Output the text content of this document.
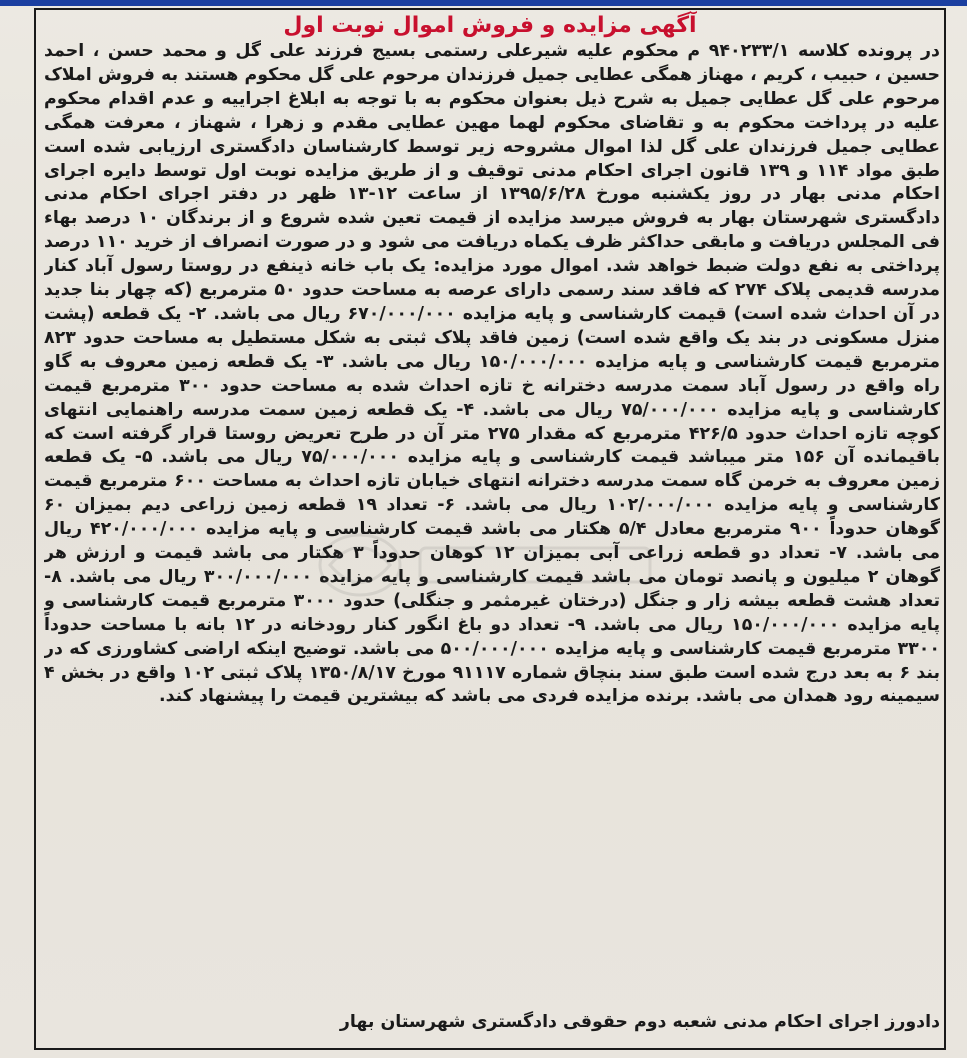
آگهی مزایده و فروش اموال نوبت اول
در پرونده کلاسه ۹۴۰۲۳۳/۱ م محکوم علیه شیرعلی رستمی بسیج فرزند علی گل و محمد حسن ، احمد حسین ، حبیب ، کریم ، مهناز همگی عطایی جمیل فرزندان مرحوم علی گل محکوم هستند به فروش املاک مرحوم علی گل عطایی جمیل به شرح ذیل بعنوان محکوم به با توجه به ابلاغ اجراییه و عدم اقدام محکوم علیه در پرداخت محکوم به و تقاضای محکوم لهما مهین عطایی مقدم و زهرا ، شهناز ، معرفت همگی عطایی جمیل فرزندان علی گل لذا اموال مشروحه زیر توسط کارشناسان دادگستری ارزیابی شده است طبق مواد ۱۱۴ و ۱۳۹ قانون اجرای احکام مدنی توقیف و از طریق مزایده نوبت اول توسط دایره اجرای احکام مدنی بهار در روز یکشنبه مورخ ۱۳۹۵/۶/۲۸ از ساعت ۱۲-۱۳ ظهر در دفتر اجرای احکام مدنی دادگستری شهرستان بهار به فروش میرسد مزایده از قیمت تعین شده شروع و از برندگان ۱۰ درصد بهاء فی المجلس دریافت و مابقی حداکثر ظرف یکماه دریافت می شود و در صورت انصراف از خرید ۱۱۰ درصد پرداختی به نفع دولت ضبط خواهد شد. اموال مورد مزایده: یک باب خانه ذینفع در روستا رسول آباد کنار مدرسه قدیمی پلاک ۲۷۴ که فاقد سند رسمی دارای عرصه به مساحت حدود ۵۰ مترمربع (که چهار بنا جدید در آن احداث شده است) قیمت کارشناسی و پایه مزایده ۶۷۰/۰۰۰/۰۰۰ ریال می باشد. ۲- یک قطعه (پشت منزل مسکونی در بند یک واقع شده است) زمین فاقد پلاک ثبتی به شکل مستطیل به مساحت حدود ۸۲۳ مترمربع قیمت کارشناسی و پایه مزایده ۱۵۰/۰۰۰/۰۰۰ ریال می باشد. ۳- یک قطعه زمین معروف به گاو راه واقع در رسول آباد سمت مدرسه دخترانه خ تازه احداث شده به مساحت حدود ۳۰۰ مترمربع قیمت کارشناسی و پایه مزایده ۷۵/۰۰۰/۰۰۰ ریال می باشد. ۴- یک قطعه زمین سمت مدرسه راهنمایی انتهای کوچه تازه احداث حدود ۴۲۶/۵ مترمربع که مقدار ۲۷۵ متر آن در طرح تعریض روستا قرار گرفته است که باقیمانده آن ۱۵۶ متر میباشد قیمت کارشناسی و پایه مزایده ۷۵/۰۰۰/۰۰۰ ریال می باشد. ۵- یک قطعه زمین معروف به خرمن گاه سمت مدرسه دخترانه انتهای خیابان تازه احداث به مساحت ۶۰۰ مترمربع قیمت کارشناسی و پایه مزایده ۱۰۲/۰۰۰/۰۰۰ ریال می باشد. ۶- تعداد ۱۹ قطعه زمین زراعی دیم بمیزان ۶۰ گوهان حدوداً ۹۰۰ مترمربع معادل ۵/۴ هکتار می باشد قیمت کارشناسی و پایه مزایده ۴۲۰/۰۰۰/۰۰۰ ریال می باشد. ۷- تعداد دو قطعه زراعی آبی بمیزان ۱۲ کوهان حدوداً ۳ هکتار می باشد قیمت و ارزش هر گوهان ۲ میلیون و پانصد تومان می باشد قیمت کارشناسی و پایه مزایده ۳۰۰/۰۰۰/۰۰۰ ریال می باشد. ۸- تعداد هشت قطعه بیشه زار و جنگل (درختان غیرمثمر و جنگلی) حدود ۳۰۰۰ مترمربع قیمت کارشناسی و پایه مزایده ۱۵۰/۰۰۰/۰۰۰ ریال می باشد. ۹- تعداد دو باغ انگور کنار رودخانه در ۱۲ بانه با مساحت حدوداً ۳۳۰۰ مترمربع قیمت کارشناسی و پایه مزایده ۵۰۰/۰۰۰/۰۰۰ می باشد. توضیح اینکه اراضی کشاورزی که در بند ۶ به بعد درج شده است طبق سند بنچاق شماره ۹۱۱۱۷ مورخ ۱۳۵۰/۸/۱۷ پلاک ثبتی ۱۰۲ واقع در بخش ۴ سیمینه رود همدان می باشد. برنده مزایده فردی می باشد که بیشترین قیمت را پیشنهاد کند.
دادورز اجرای احکام مدنی شعبه دوم حقوقی دادگستری شهرستان بهار
